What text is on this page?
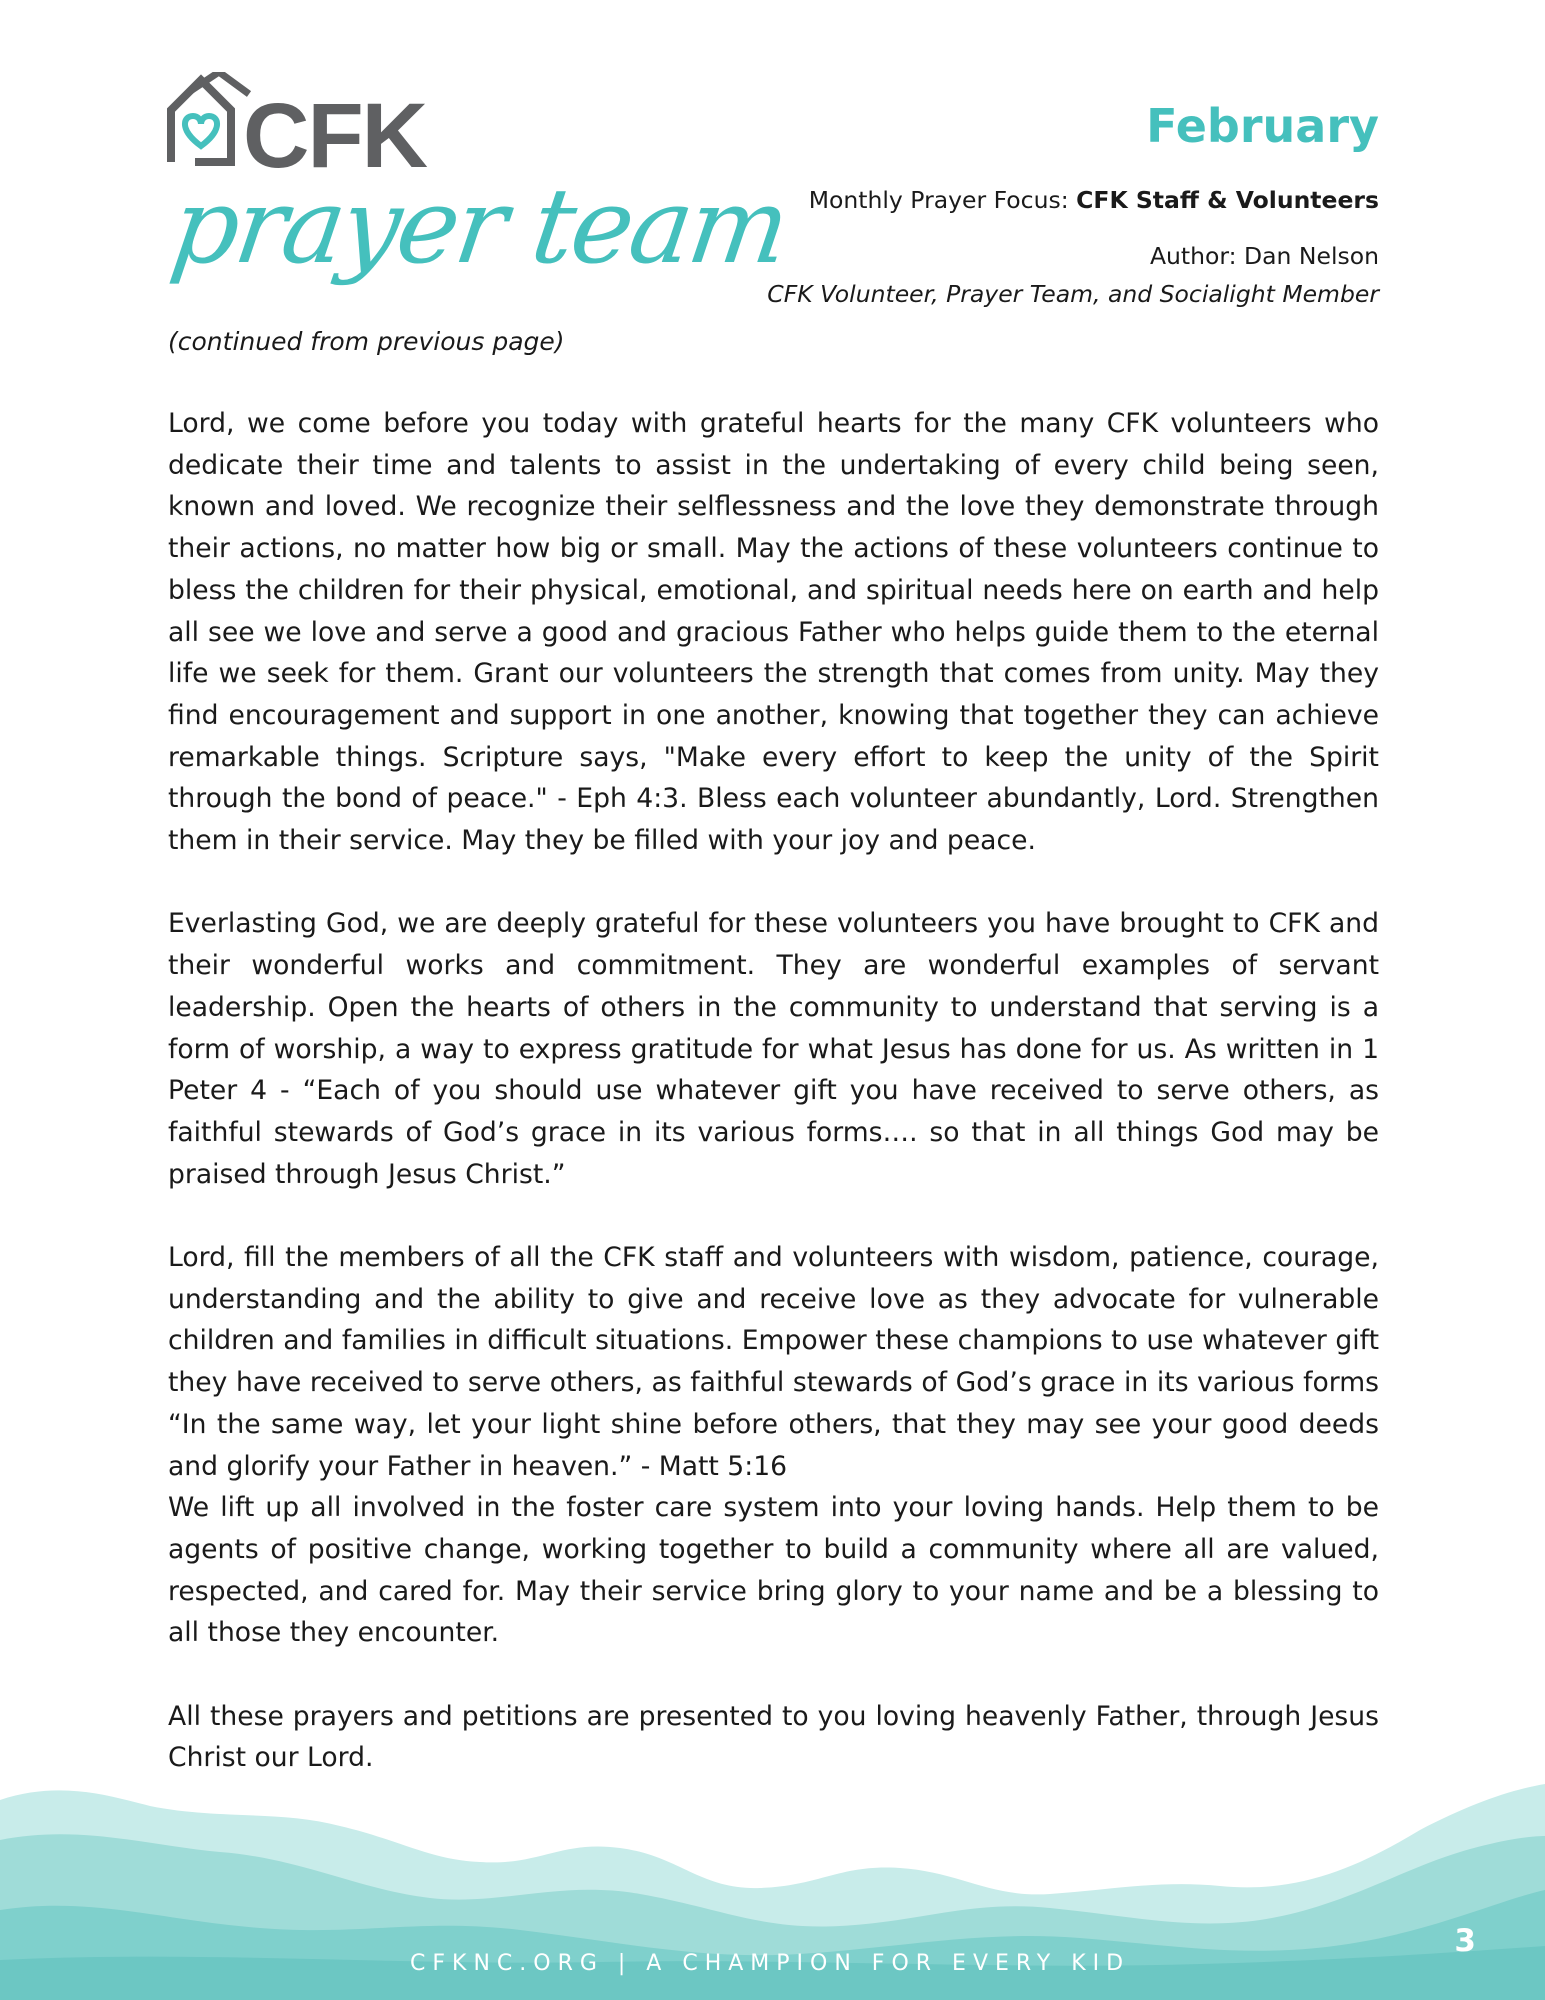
CFK
prayer team
February
Monthly Prayer Focus: CFK Staff & Volunteers
Author: Dan Nelson
CFK Volunteer, Prayer Team, and Socialight Member
(continued from previous page)

Lord, we come before you today with grateful hearts for the many CFK volunteers who dedicate their time and talents to assist in the undertaking of every child being seen, known and loved. We recognize their selflessness and the love they demonstrate through their actions, no matter how big or small. May the actions of these volunteers continue to bless the children for their physical, emotional, and spiritual needs here on earth and help all see we love and serve a good and gracious Father who helps guide them to the eternal life we seek for them. Grant our volunteers the strength that comes from unity. May they find encouragement and support in one another, knowing that together they can achieve remarkable things. Scripture says, "Make every effort to keep the unity of the Spirit through the bond of peace." - Eph 4:3. Bless each volunteer abundantly, Lord. Strengthen them in their service. May they be filled with your joy and peace.

Everlasting God, we are deeply grateful for these volunteers you have brought to CFK and their wonderful works and commitment. They are wonderful examples of servant leadership. Open the hearts of others in the community to understand that serving is a form of worship, a way to express gratitude for what Jesus has done for us. As written in 1 Peter 4 - “Each of you should use whatever gift you have received to serve others, as faithful stewards of God’s grace in its various forms…. so that in all things God may be praised through Jesus Christ.”

Lord, fill the members of all the CFK staff and volunteers with wisdom, patience, courage, understanding and the ability to give and receive love as they advocate for vulnerable children and families in difficult situations. Empower these champions to use whatever gift they have received to serve others, as faithful stewards of God’s grace in its various forms “In the same way, let your light shine before others, that they may see your good deeds and glorify your Father in heaven.” - Matt 5:16

We lift up all involved in the foster care system into your loving hands. Help them to be agents of positive change, working together to build a community where all are valued, respected, and cared for. May their service bring glory to your name and be a blessing to all those they encounter.

All these prayers and petitions are presented to you loving heavenly Father, through Jesus Christ our Lord.

CFKNC.ORG | A CHAMPION FOR EVERY KID
3
